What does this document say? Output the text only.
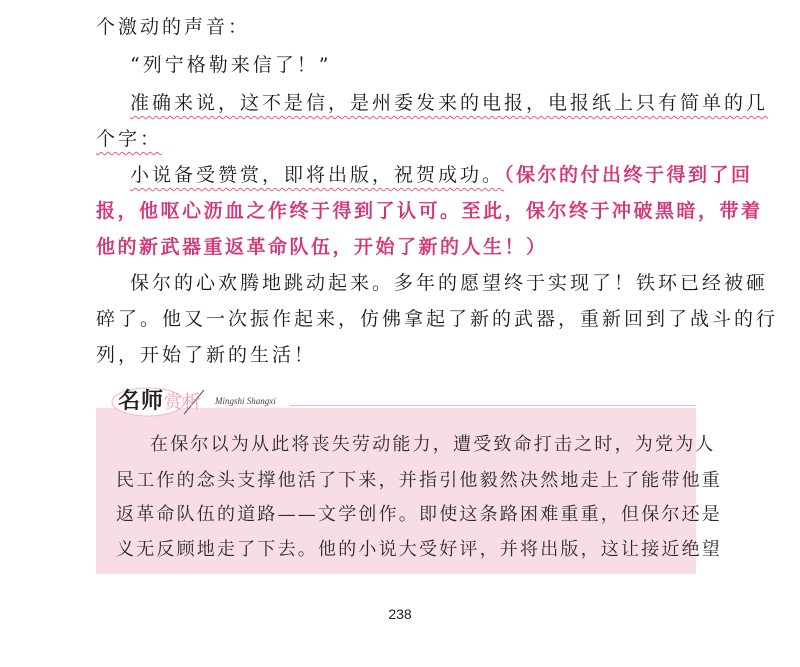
个激动的声音：
“列宁格勒来信了！”
准确来说，这不是信，是州委发来的电报，电报纸上只有简单的几
个字：
小说备受赞赏，即将出版，祝贺成功。（保尔的付出终于得到了回
报，他呕心沥血之作终于得到了认可。至此，保尔终于冲破黑暗，带着
他的新武器重返革命队伍，开始了新的人生！）
保尔的心欢腾地跳动起来。多年的愿望终于实现了！铁环已经被砸
碎了。他又一次振作起来，仿佛拿起了新的武器，重新回到了战斗的行
列，开始了新的生活！
名师赏析 Mingshi Shangxi
在保尔以为从此将丧失劳动能力，遭受致命打击之时，为党为人
民工作的念头支撑他活了下来，并指引他毅然决然地走上了能带他重
返革命队伍的道路——文学创作。即使这条路困难重重，但保尔还是
义无反顾地走了下去。他的小说大受好评，并将出版，这让接近绝望
238
